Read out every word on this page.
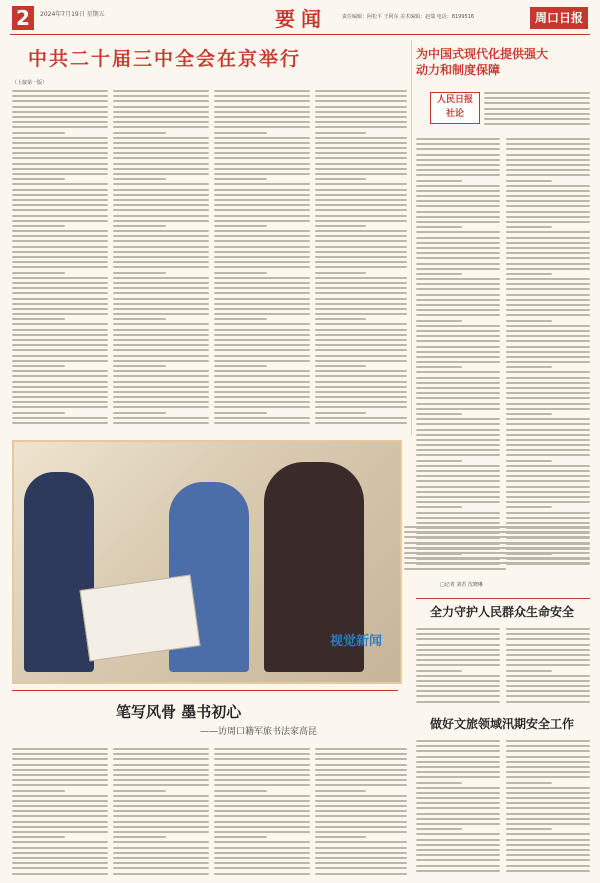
2	2024年7月19日 星期五	要闻	责任编辑：阿松平 王阿东 美术编辑：赵瑞 电话：8199516	周口日报
中共二十届三中全会在京举行
（上接第一版）
为中国式现代化提供强大
动力和制度保障
人民日报
社论
视觉新闻
□记者 刘若 沈晓琳
笔写风骨 墨书初心
——访周口籍军旅书法家高昆
全力守护人民群众生命安全
做好文旅领域汛期安全工作
